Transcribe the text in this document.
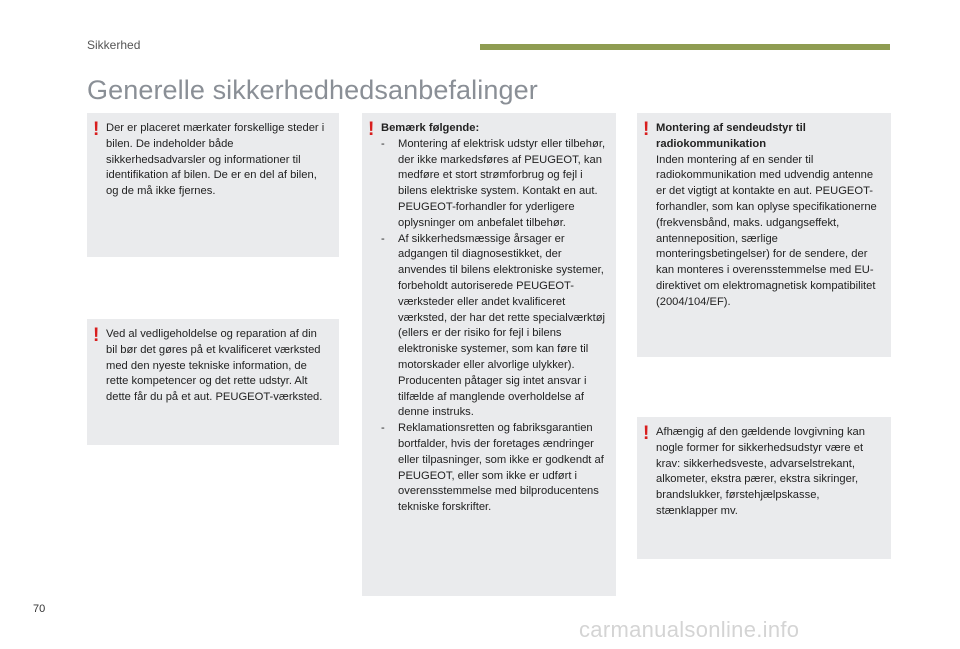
Sikkerhed
Generelle sikkerhedhedsanbefalinger
! Der er placeret mærkater forskellige steder i bilen. De indeholder både sikkerhedsadvarsler og informationer til identifikation af bilen. De er en del af bilen, og de må ikke fjernes.

! Ved al vedligeholdelse og reparation af din bil bør det gøres på et kvalificeret værksted med den nyeste tekniske information, de rette kompetencer og det rette udstyr. Alt dette får du på et aut. PEUGEOT-værksted.

! Bemærk følgende:

-	Montering af elektrisk udstyr eller tilbehør, der ikke markedsføres af PEUGEOT, kan medføre et stort strømforbrug og fejl i bilens elektriske system. Kontakt en aut. PEUGEOT-forhandler for yderligere oplysninger om anbefalet tilbehør.
-	Af sikkerhedsmæssige årsager er adgangen til diagnosestikket, der anvendes til bilens elektroniske systemer, forbeholdt autoriserede PEUGEOT-værksteder eller andet kvalificeret værksted, der har det rette specialværktøj (ellers er der risiko for fejl i bilens elektroniske systemer, som kan føre til motorskader eller alvorlige ulykker). Producenten påtager sig intet ansvar i tilfælde af manglende overholdelse af denne instruks.
-	Reklamationsretten og fabriksgarantien bortfalder, hvis der foretages ændringer eller tilpasninger, som ikke er godkendt af PEUGEOT, eller som ikke er udført i overensstemmelse med bilproducentens tekniske forskrifter.
! Montering af sendeudstyr til radiokommunikation

Inden montering af en sender til radiokommunikation med udvendig antenne er det vigtigt at kontakte en aut. PEUGEOT-forhandler, som kan oplyse specifikationerne (frekvensbånd, maks. udgangseffekt, antenneposition, særlige monteringsbetingelser) for de sendere, der kan monteres i overensstemmelse med EU-direktivet om elektromagnetisk kompatibilitet (2004/104/EF).

! Afhængig af den gældende lovgivning kan nogle former for sikkerhedsudstyr være et krav: sikkerhedsveste, advarselstrekant, alkometer, ekstra pærer, ekstra sikringer, brandslukker, førstehjælpskasse, stænklapper mv.

70
carmanualsonline.info
